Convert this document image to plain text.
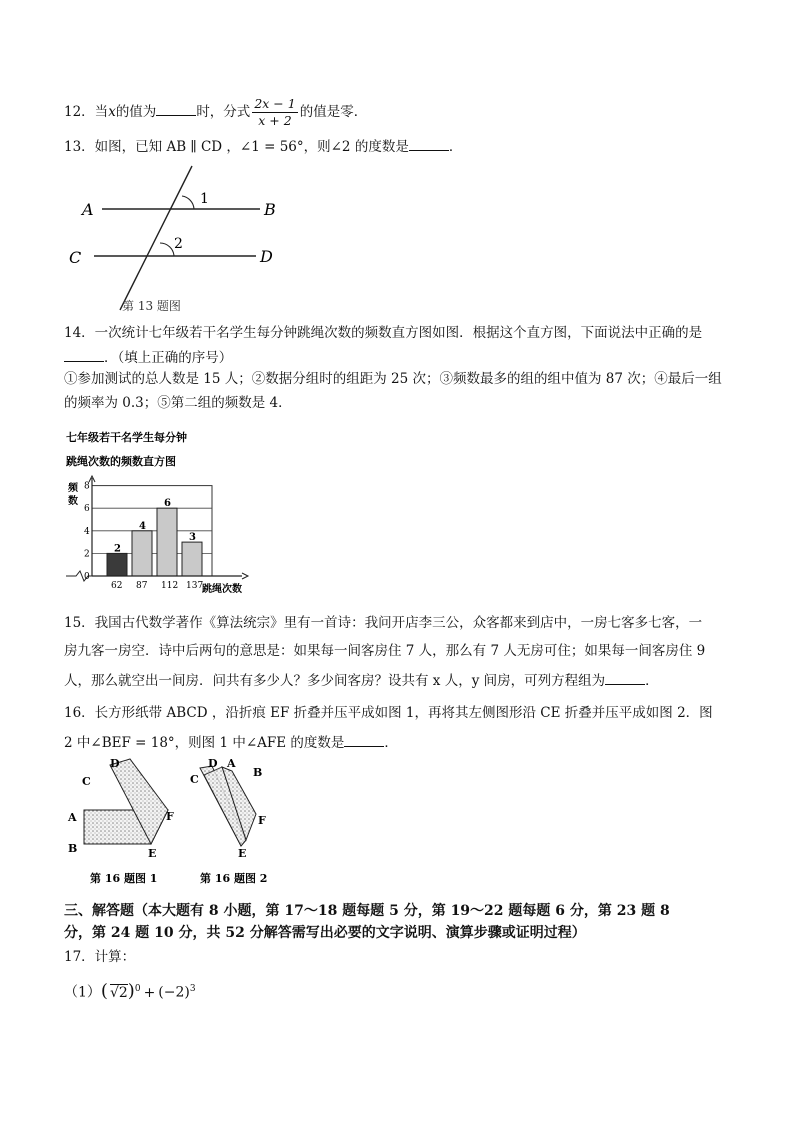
12．当x的值为	时，分式 $\frac{2x - 1}{x + 2}$ 的值是零．
13．如图，已知 AB ∥ CD ，∠1 = 56°，则∠2 的度数是	．
A	B
C	D
1
2
第 13 题图
14．一次统计七年级若干名学生每分钟跳绳次数的频数直方图如图．根据这个直方图，下面说法中正确的是
．（填上正确的序号）
①参加测试的总人数是 15 人；②数据分组时的组距为 25 次；③频数最多的组的组中值为 87 次；④最后一组
的频率为 0.3；⑤第二组的频数是 4．
七年级若干名学生每分钟
跳绳次数的频数直方图
频
数
2
4
6
3
0
跳绳次数
62 87 112 137
2
4
6
8
15．我国古代数学著作《算法统宗》里有一首诗：我问开店李三公，众客都来到店中，一房七客多七客，一
房九客一房空．诗中后两句的意思是：如果每一间客房住 7 人，那么有 7 人无房可住；如果每一间客房住 9
人，那么就空出一间房．问共有多少人？多少间客房？设共有 x 人，y 间房，可列方程组为	．
16．长方形纸带 ABCD ，沿折痕 EF 折叠并压平成如图 1，再将其左侧图形沿 CE 折叠并压平成如图 2．图
2 中∠BEF = 18°，则图 1 中∠AFE 的度数是	．
C
D
A
B
F
E
第 16 题图 1
C
D A
B
F
E
第 16 题图 2
三、解答题（本大题有 8 小题，第 17～18 题每题 5 分，第 19～22 题每题 6 分，第 23 题 8
分，第 24 题 10 分，共 52 分解答需写出必要的文字说明、演算步骤或证明过程）
17．计算：
（1）( $√2)^0 + (-2)^3$
